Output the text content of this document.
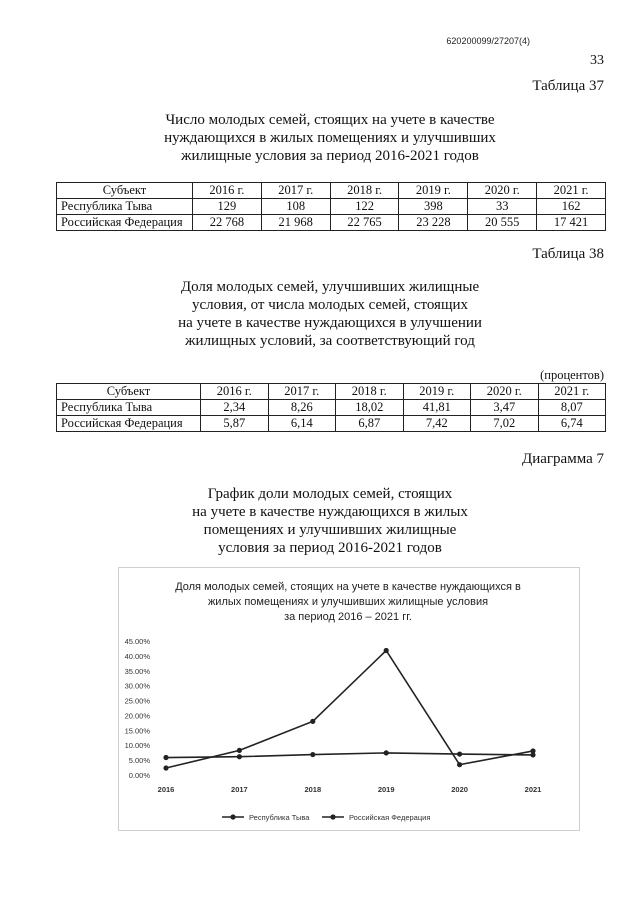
620200099/27207(4)
33
Таблица 37
Число молодых семей, стоящих на учете в качестве
нуждающихся в жилых помещениях и улучшивших
жилищные условия за период 2016-2021 годов
Субъект	2016 г.	2017 г.	2018 г.	2019 г.	2020 г.	2021 г.
Республика Тыва	129	108	122	398	33	162
Российская Федерация	22 768	21 968	22 765	23 228	20 555	17 421
Таблица 38
Доля молодых семей, улучшивших жилищные
условия, от числа молодых семей, стоящих
на учете в качестве нуждающихся в улучшении
жилищных условий, за соответствующий год
(процентов)
Субъект	2016 г.	2017 г.	2018 г.	2019 г.	2020 г.	2021 г.
Республика Тыва	2,34	8,26	18,02	41,81	3,47	8,07
Российская Федерация	5,87	6,14	6,87	7,42	7,02	6,74
Диаграмма 7
График доли молодых семей, стоящих
на учете в качестве нуждающихся в жилых
помещениях и улучшивших жилищные
условия за период 2016-2021 годов
Доля молодых семей, стоящих на учете в качестве нуждающихся в
жилых помещениях и улучшивших жилищные условия
за период 2016 – 2021 гг.
45.00%
40.00%
35.00%
30.00%
25.00%
20.00%
15.00%
10.00%
5.00%
0.00%
2016	2017	2018	2019	2020	2021
Республика Тыва	Российская Федерация
